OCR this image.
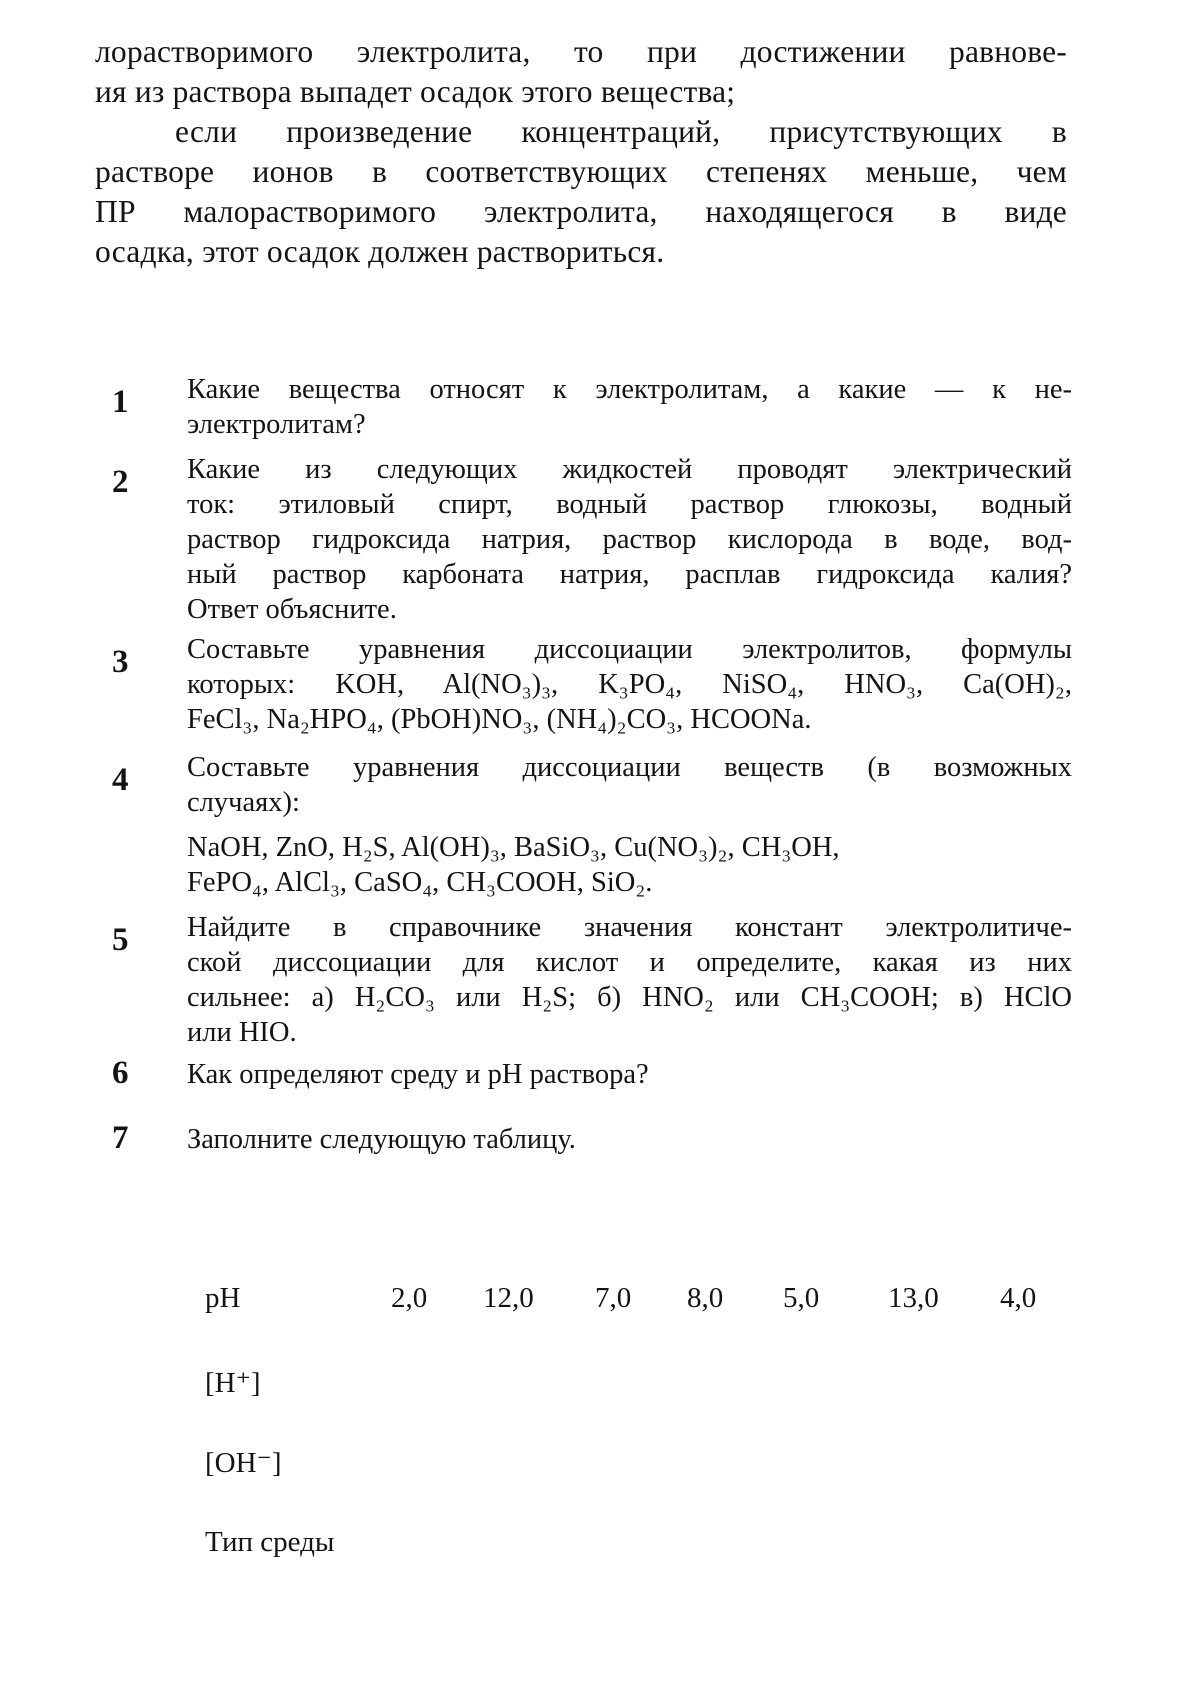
лорастворимого электролита, то при достижении равнове-
ия из раствора выпадет осадок этого вещества;
если произведение концентраций, присутствующих в
растворе ионов в соответствующих степенях меньше, чем
ПР малорастворимого электролита, находящегося в виде
осадка, этот осадок должен раствориться.
1	Какие вещества относят к электролитам, а какие — к не-
электролитам?
2	Какие из следующих жидкостей проводят электрический
ток: этиловый спирт, водный раствор глюкозы, водный
раствор гидроксида натрия, раствор кислорода в воде, вод-
ный раствор карбоната натрия, расплав гидроксида калия?
Ответ объясните.
3	Составьте уравнения диссоциации электролитов, формулы
которых: KOH, Al(NO₃)₃, K₃PO₄, NiSO₄, HNO₃, Ca(OH)₂,
FeCl₃, Na₂HPO₄, (PbOH)NO₃, (NH₄)₂CO₃, HCOONa.
4	Составьте уравнения диссоциации веществ (в возможных
случаях):
NaOH, ZnO, H₂S, Al(OH)₃, BaSiO₃, Cu(NO₃)₂, CH₃OH,
FePO₄, AlCl₃, CaSO₄, CH₃COOH, SiO₂.
5	Найдите в справочнике значения констант электролитиче-
ской диссоциации для кислот и определите, какая из них
сильнее: а) H₂CO₃ или H₂S; б) HNO₂ или CH₃COOH; в) HClO
или HIO.
6	Как определяют среду и pH раствора?
7	Заполните следующую таблицу.
pH	2,0 12,0 7,0 8,0 5,0 13,0 4,0
[H⁺]
[OH⁻]
Тип среды
